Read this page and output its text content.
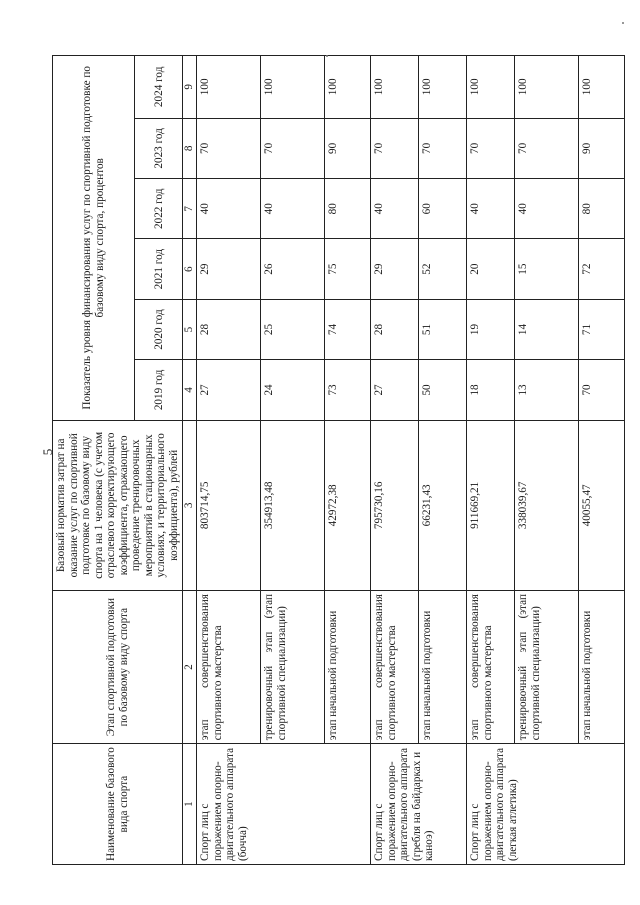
5
Наименование базового вида спорта	Этап спортивной подготовки по базовому виду спорта	Базовый норматив затрат на оказание услуг по спортивной подготовке по базовому виду спорта на 1 человека (с учетом отраслевого корректирующего коэффициента, отражающего проведение тренировочных мероприятий в стационарных условиях, и территориального коэффициента), рублей	Показатель уровня финансирования услуг по спортивной подготовке по базовому виду спорта, процентов					
			2019 год	2020 год	2021 год	2022 год	2023 год	2024 год
1	2	3	4	5	6	7	8	9
Спорт лиц с поражением опорно-двигательного аппарата (бочча)	этап совершенствования спортивного мастерства	803714,75	27	28	29	40	70	100
	тренировочный этап (этап спортивной специализации)	354913,48	24	25	26	40	70	100
	этап начальной подготовки	42972,38	73	74	75	80	90	100
Спорт лиц с поражением опорно-двигательного аппарата (гребля на байдарках и каноэ)	этап совершенствования спортивного мастерства	795730,16	27	28	29	40	70	100
	этап начальной подготовки	66231,43	50	51	52	60	70	100
Спорт лиц с поражением опорно-двигательного аппарата (легкая атлетика)	этап совершенствования спортивного мастерства	911669,21	18	19	20	40	70	100
	тренировочный этап (этап спортивной специализации)	338039,67	13	14	15	40	70	100
	этап начальной подготовки	40055,47	70	71	72	80	90	100
